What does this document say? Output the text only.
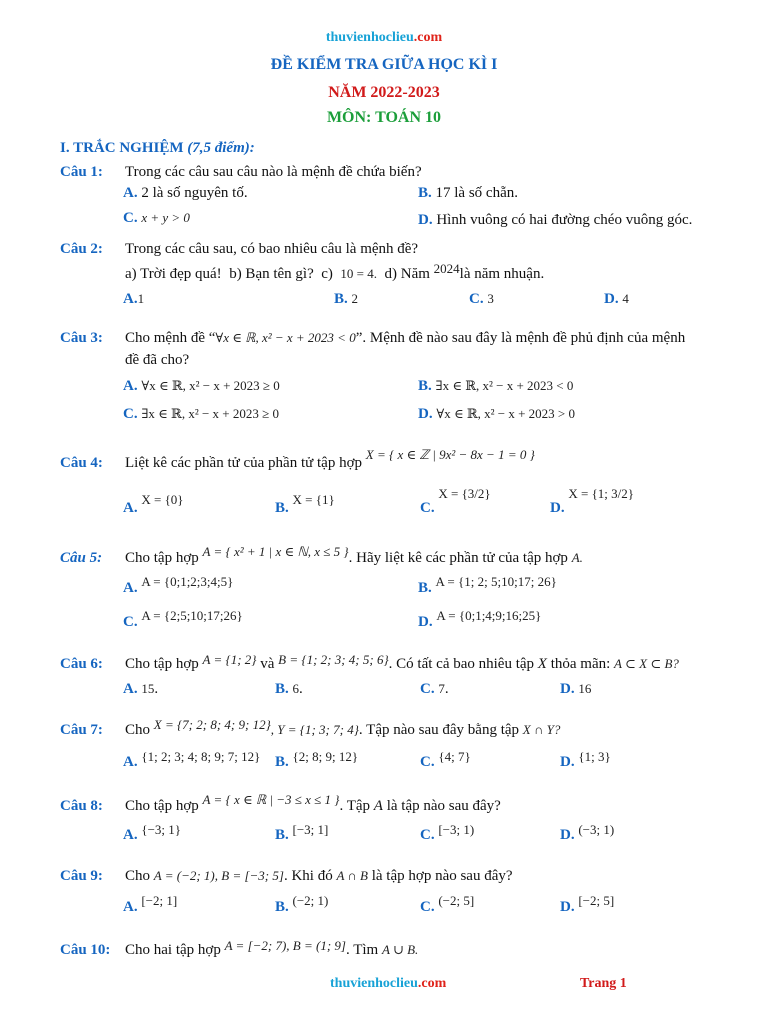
thuvienhoclieu.com
ĐỀ KIỂM TRA GIỮA HỌC KÌ I
NĂM 2022-2023
MÔN: TOÁN 10
I. TRẮC NGHIỆM (7,5 điểm):
Câu 1: Trong các câu sau câu nào là mệnh đề chứa biến?
A. 2 là số nguyên tố.	B. 17 là số chẵn.
C. x + y > 0	D. Hình vuông có hai đường chéo vuông góc.
Câu 2: Trong các câu sau, có bao nhiêu câu là mệnh đề?
a) Trời đẹp quá! b) Bạn tên gì? c) 10 = 4. d) Năm 2024là năm nhuận.
A.1	B. 2	C. 3	D. 4
Câu 3: Cho mệnh đề “∀x ∈ ℝ, x² − x + 2023 < 0”. Mệnh đề nào sau đây là mệnh đề phủ định của mệnh
đề đã cho?
A. ∀x ∈ ℝ, x² − x + 2023 ≥ 0	B. ∃x ∈ ℝ, x² − x + 2023 < 0
C. ∃x ∈ ℝ, x² − x + 2023 ≥ 0	D. ∀x ∈ ℝ, x² − x + 2023 > 0
Câu 4: Liệt kê các phần tử của phần tử tập hợp X = { x ∈ ℤ | 9x² − 8x − 1 = 0 }
A. X = {0}
B. X = {1}
C. X = {3/2}
D. X = {1; 3/2}
Câu 5: Cho tập hợp A = { x² + 1 | x ∈ ℕ, x ≤ 5 }. Hãy liệt kê các phần tử của tập hợp A.
A. A = {0;1;2;3;4;5}	B. A = {1; 2; 5;10;17; 26}
C. A = {2;5;10;17;26}	D. A = {0;1;4;9;16;25}
Câu 6: Cho tập hợp A = {1; 2} và B = {1; 2; 3; 4; 5; 6}. Có tất cả bao nhiêu tập X thỏa mãn: A ⊂ X ⊂ B?
A. 15.	B. 6.	C. 7.	D. 16
Câu 7: Cho X = {7; 2; 8; 4; 9; 12}, Y = {1; 3; 7; 4}. Tập nào sau đây bằng tập X ∩ Y?
A. {1; 2; 3; 4; 8; 9; 7; 12} B. {2; 8; 9; 12}	C. {4; 7}	D. {1; 3}
Câu 8: Cho tập hợp A = { x ∈ ℝ | −3 ≤ x ≤ 1 }. Tập A là tập nào sau đây?
A. {−3; 1}	B. [−3; 1]	C. [−3; 1)	D. (−3; 1)
Câu 9: Cho A = (−2; 1), B = [−3; 5]. Khi đó A ∩ B là tập hợp nào sau đây?
A. [−2; 1]	B. (−2; 1)	C. (−2; 5]	D. [−2; 5]
Câu 10: Cho hai tập hợp A = [−2; 7), B = (1; 9]. Tìm A ∪ B.
thuvienhoclieu.com	Trang 1
